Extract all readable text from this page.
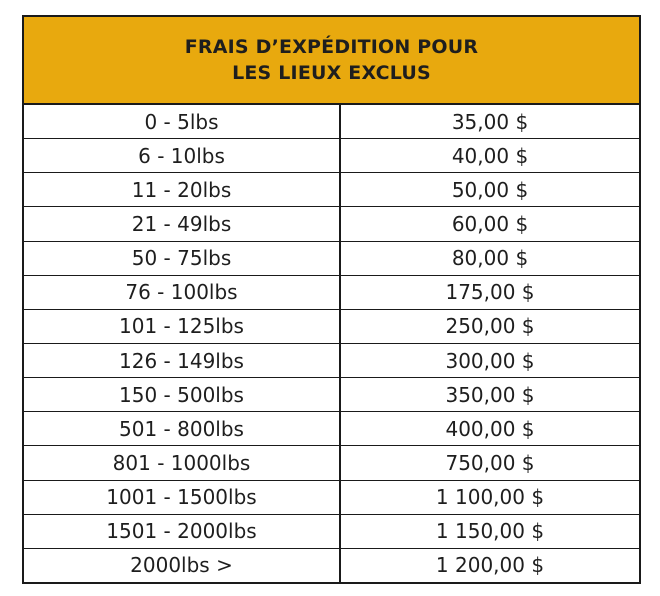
FRAIS D’EXPÉDITION POUR
LES LIEUX EXCLUS
0 - 5lbs	35,00 $
6 - 10lbs	40,00 $
11 - 20lbs	50,00 $
21 - 49lbs	60,00 $
50 - 75lbs	80,00 $
76 - 100lbs	175,00 $
101 - 125lbs	250,00 $
126 - 149lbs	300,00 $
150 - 500lbs	350,00 $
501 - 800lbs	400,00 $
801 - 1000lbs	750,00 $
1001 - 1500lbs	1 100,00 $
1501 - 2000lbs	1 150,00 $
2000lbs >	1 200,00 $
